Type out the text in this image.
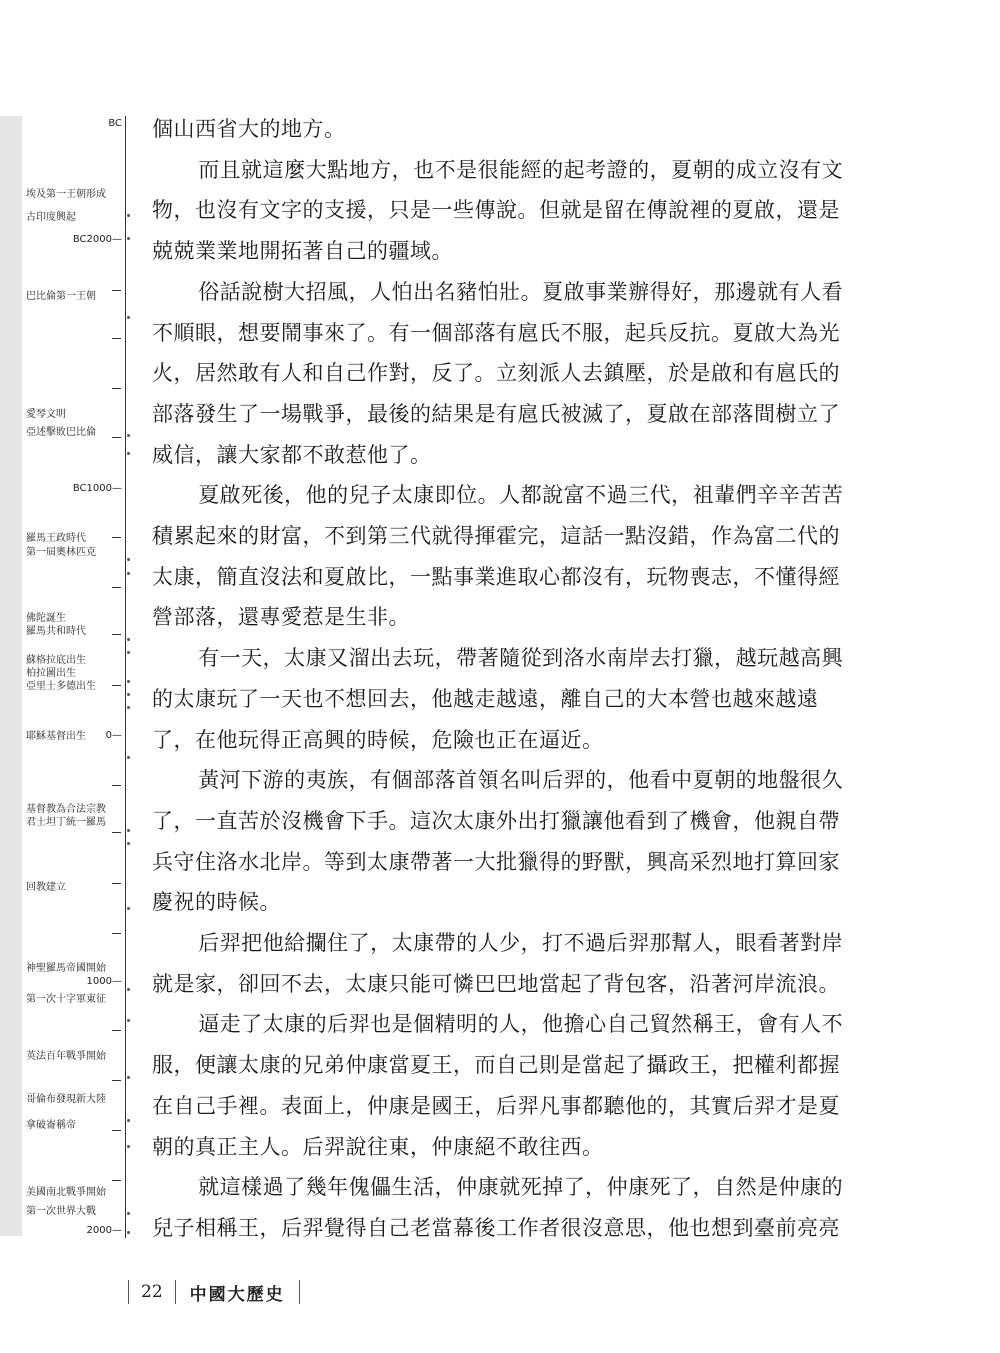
埃及第一王朝形成
古印度興起
巴比倫第一王朝
愛琴文明
亞述擊敗巴比倫
羅馬王政時代
第一屆奧林匹克
佛陀誕生
羅馬共和時代
蘇格拉底出生
柏拉圖出生
亞里士多德出生
耶穌基督出生
基督教為合法宗教
君士坦丁統一羅馬
回教建立
神聖羅馬帝國開始
第一次十字軍東征
英法百年戰爭開始
哥倫布發現新大陸
拿破崙稱帝
美國南北戰爭開始
第一次世界大戰
BC
BC2000—
BC1000—
0—
1000—
2000—

個山西省大的地方。

而且就這麼大點地方，也不是很能經的起考證的，夏朝的成立沒有文物，也沒有文字的支援，只是一些傳說。但就是留在傳說裡的夏啟，還是兢兢業業地開拓著自己的疆域。

俗話說樹大招風，人怕出名豬怕壯。夏啟事業辦得好，那邊就有人看不順眼，想要鬧事來了。有一個部落有扈氏不服，起兵反抗。夏啟大為光火，居然敢有人和自己作對，反了。立刻派人去鎮壓，於是啟和有扈氏的部落發生了一場戰爭，最後的結果是有扈氏被滅了，夏啟在部落間樹立了威信，讓大家都不敢惹他了。

夏啟死後，他的兒子太康即位。人都說富不過三代，祖輩們辛辛苦苦積累起來的財富，不到第三代就得揮霍完，這話一點沒錯，作為富二代的太康，簡直沒法和夏啟比，一點事業進取心都沒有，玩物喪志，不懂得經營部落，還專愛惹是生非。

有一天，太康又溜出去玩，帶著隨從到洛水南岸去打獵，越玩越高興的太康玩了一天也不想回去，他越走越遠，離自己的大本營也越來越遠了，在他玩得正高興的時候，危險也正在逼近。

黃河下游的夷族，有個部落首領名叫后羿的，他看中夏朝的地盤很久了，一直苦於沒機會下手。這次太康外出打獵讓他看到了機會，他親自帶兵守住洛水北岸。等到太康帶著一大批獵得的野獸，興高采烈地打算回家慶祝的時候。

后羿把他給攔住了，太康帶的人少，打不過后羿那幫人，眼看著對岸就是家，卻回不去，太康只能可憐巴巴地當起了背包客，沿著河岸流浪。

逼走了太康的后羿也是個精明的人，他擔心自己貿然稱王，會有人不服，便讓太康的兄弟仲康當夏王，而自己則是當起了攝政王，把權利都握在自己手裡。表面上，仲康是國王，后羿凡事都聽他的，其實后羿才是夏朝的真正主人。后羿說往東，仲康絕不敢往西。

就這樣過了幾年傀儡生活，仲康就死掉了，仲康死了，自然是仲康的兒子相稱王，后羿覺得自己老當幕後工作者很沒意思，他也想到臺前亮亮

22	中國大歷史
